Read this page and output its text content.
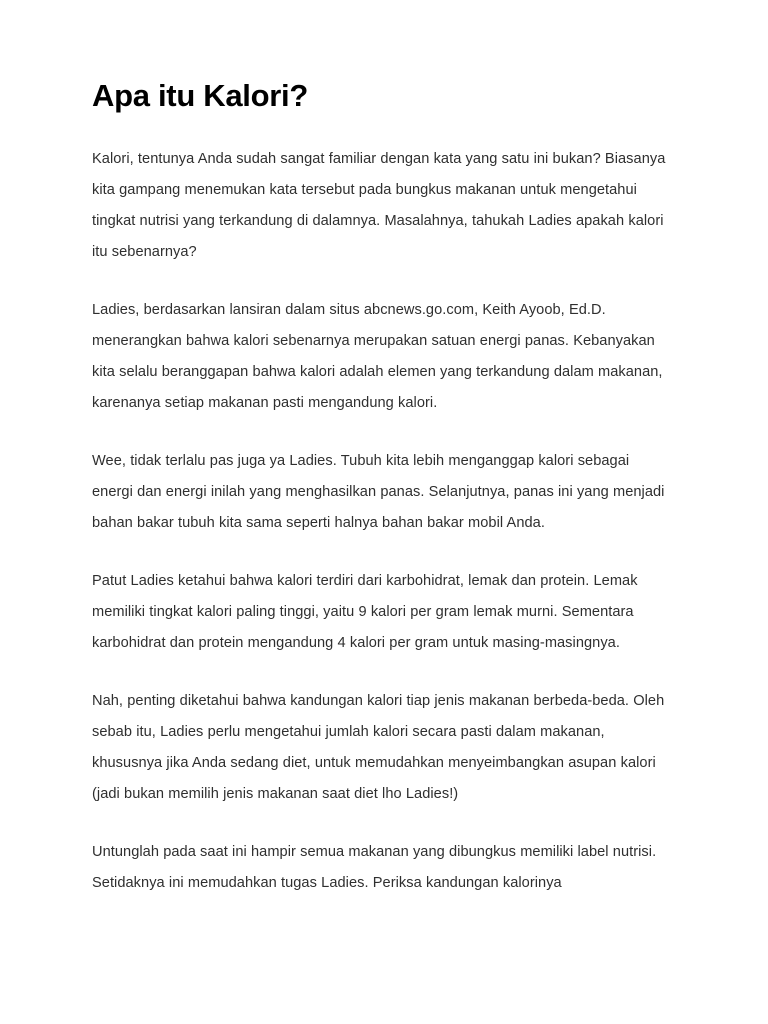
Apa itu Kalori?

Kalori, tentunya Anda sudah sangat familiar dengan kata yang satu ini bukan? Biasanya kita gampang menemukan kata tersebut pada bungkus makanan untuk mengetahui tingkat nutrisi yang terkandung di dalamnya. Masalahnya, tahukah Ladies apakah kalori itu sebenarnya?

Ladies, berdasarkan lansiran dalam situs abcnews.go.com, Keith Ayoob, Ed.D. menerangkan bahwa kalori sebenarnya merupakan satuan energi panas. Kebanyakan kita selalu beranggapan bahwa kalori adalah elemen yang terkandung dalam makanan, karenanya setiap makanan pasti mengandung kalori.

Wee, tidak terlalu pas juga ya Ladies. Tubuh kita lebih menganggap kalori sebagai energi dan energi inilah yang menghasilkan panas. Selanjutnya, panas ini yang menjadi bahan bakar tubuh kita sama seperti halnya bahan bakar mobil Anda.

Patut Ladies ketahui bahwa kalori terdiri dari karbohidrat, lemak dan protein. Lemak memiliki tingkat kalori paling tinggi, yaitu 9 kalori per gram lemak murni. Sementara karbohidrat dan protein mengandung 4 kalori per gram untuk masing-masingnya.

Nah, penting diketahui bahwa kandungan kalori tiap jenis makanan berbeda-beda. Oleh sebab itu, Ladies perlu mengetahui jumlah kalori secara pasti dalam makanan, khususnya jika Anda sedang diet, untuk memudahkan menyeimbangkan asupan kalori (jadi bukan memilih jenis makanan saat diet lho Ladies!)

Untunglah pada saat ini hampir semua makanan yang dibungkus memiliki label nutrisi. Setidaknya ini memudahkan tugas Ladies. Periksa kandungan kalorinya
